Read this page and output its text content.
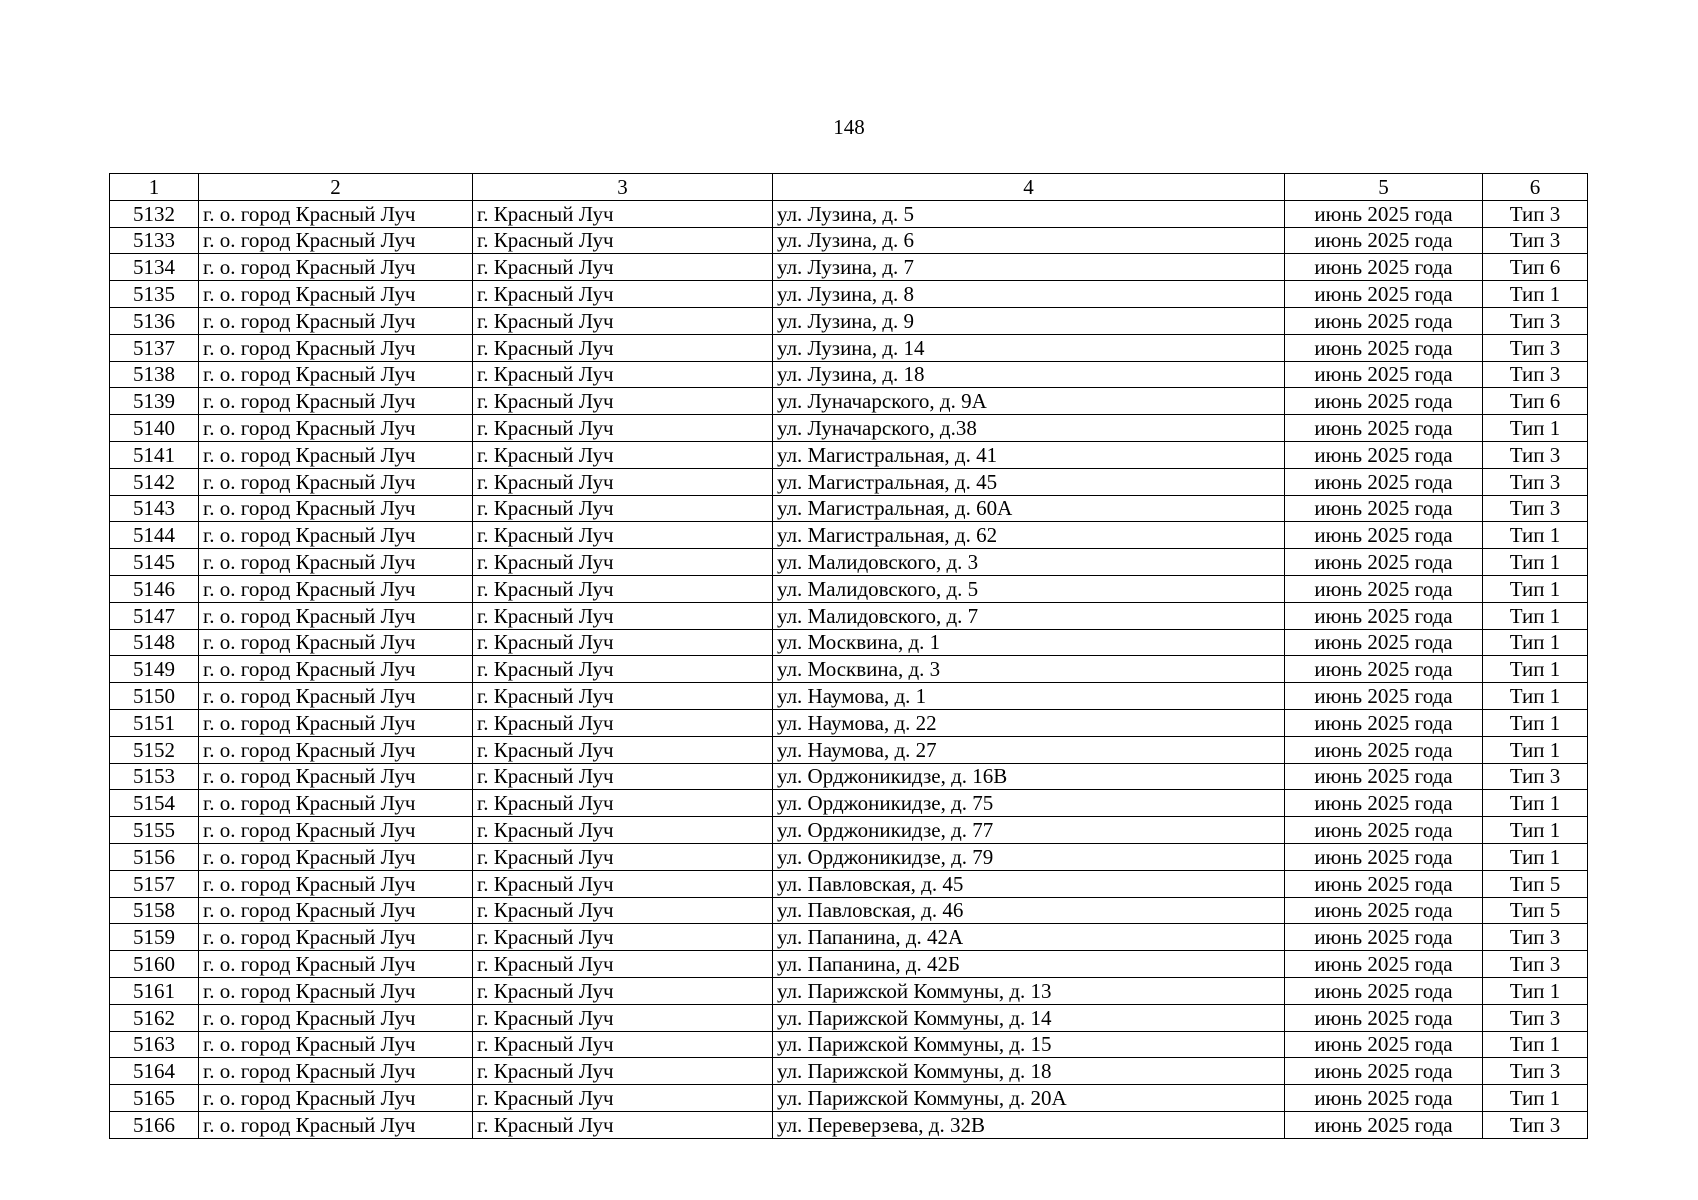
148
1	2	3	4	5	6
5132	г. о. город Красный Луч	г. Красный Луч	ул. Лузина, д. 5	июнь 2025 года	Тип 3
5133	г. о. город Красный Луч	г. Красный Луч	ул. Лузина, д. 6	июнь 2025 года	Тип 3
5134	г. о. город Красный Луч	г. Красный Луч	ул. Лузина, д. 7	июнь 2025 года	Тип 6
5135	г. о. город Красный Луч	г. Красный Луч	ул. Лузина, д. 8	июнь 2025 года	Тип 1
5136	г. о. город Красный Луч	г. Красный Луч	ул. Лузина, д. 9	июнь 2025 года	Тип 3
5137	г. о. город Красный Луч	г. Красный Луч	ул. Лузина, д. 14	июнь 2025 года	Тип 3
5138	г. о. город Красный Луч	г. Красный Луч	ул. Лузина, д. 18	июнь 2025 года	Тип 3
5139	г. о. город Красный Луч	г. Красный Луч	ул. Луначарского, д. 9А	июнь 2025 года	Тип 6
5140	г. о. город Красный Луч	г. Красный Луч	ул. Луначарского, д.38	июнь 2025 года	Тип 1
5141	г. о. город Красный Луч	г. Красный Луч	ул. Магистральная, д. 41	июнь 2025 года	Тип 3
5142	г. о. город Красный Луч	г. Красный Луч	ул. Магистральная, д. 45	июнь 2025 года	Тип 3
5143	г. о. город Красный Луч	г. Красный Луч	ул. Магистральная, д. 60А	июнь 2025 года	Тип 3
5144	г. о. город Красный Луч	г. Красный Луч	ул. Магистральная, д. 62	июнь 2025 года	Тип 1
5145	г. о. город Красный Луч	г. Красный Луч	ул. Малидовского, д. 3	июнь 2025 года	Тип 1
5146	г. о. город Красный Луч	г. Красный Луч	ул. Малидовского, д. 5	июнь 2025 года	Тип 1
5147	г. о. город Красный Луч	г. Красный Луч	ул. Малидовского, д. 7	июнь 2025 года	Тип 1
5148	г. о. город Красный Луч	г. Красный Луч	ул. Москвина, д. 1	июнь 2025 года	Тип 1
5149	г. о. город Красный Луч	г. Красный Луч	ул. Москвина, д. 3	июнь 2025 года	Тип 1
5150	г. о. город Красный Луч	г. Красный Луч	ул. Наумова, д. 1	июнь 2025 года	Тип 1
5151	г. о. город Красный Луч	г. Красный Луч	ул. Наумова, д. 22	июнь 2025 года	Тип 1
5152	г. о. город Красный Луч	г. Красный Луч	ул. Наумова, д. 27	июнь 2025 года	Тип 1
5153	г. о. город Красный Луч	г. Красный Луч	ул. Орджоникидзе, д. 16В	июнь 2025 года	Тип 3
5154	г. о. город Красный Луч	г. Красный Луч	ул. Орджоникидзе, д. 75	июнь 2025 года	Тип 1
5155	г. о. город Красный Луч	г. Красный Луч	ул. Орджоникидзе, д. 77	июнь 2025 года	Тип 1
5156	г. о. город Красный Луч	г. Красный Луч	ул. Орджоникидзе, д. 79	июнь 2025 года	Тип 1
5157	г. о. город Красный Луч	г. Красный Луч	ул. Павловская, д. 45	июнь 2025 года	Тип 5
5158	г. о. город Красный Луч	г. Красный Луч	ул. Павловская, д. 46	июнь 2025 года	Тип 5
5159	г. о. город Красный Луч	г. Красный Луч	ул. Папанина, д. 42А	июнь 2025 года	Тип 3
5160	г. о. город Красный Луч	г. Красный Луч	ул. Папанина, д. 42Б	июнь 2025 года	Тип 3
5161	г. о. город Красный Луч	г. Красный Луч	ул. Парижской Коммуны, д. 13	июнь 2025 года	Тип 1
5162	г. о. город Красный Луч	г. Красный Луч	ул. Парижской Коммуны, д. 14	июнь 2025 года	Тип 3
5163	г. о. город Красный Луч	г. Красный Луч	ул. Парижской Коммуны, д. 15	июнь 2025 года	Тип 1
5164	г. о. город Красный Луч	г. Красный Луч	ул. Парижской Коммуны, д. 18	июнь 2025 года	Тип 3
5165	г. о. город Красный Луч	г. Красный Луч	ул. Парижской Коммуны, д. 20А	июнь 2025 года	Тип 1
5166	г. о. город Красный Луч	г. Красный Луч	ул. Переверзева, д. 32В	июнь 2025 года	Тип 3
